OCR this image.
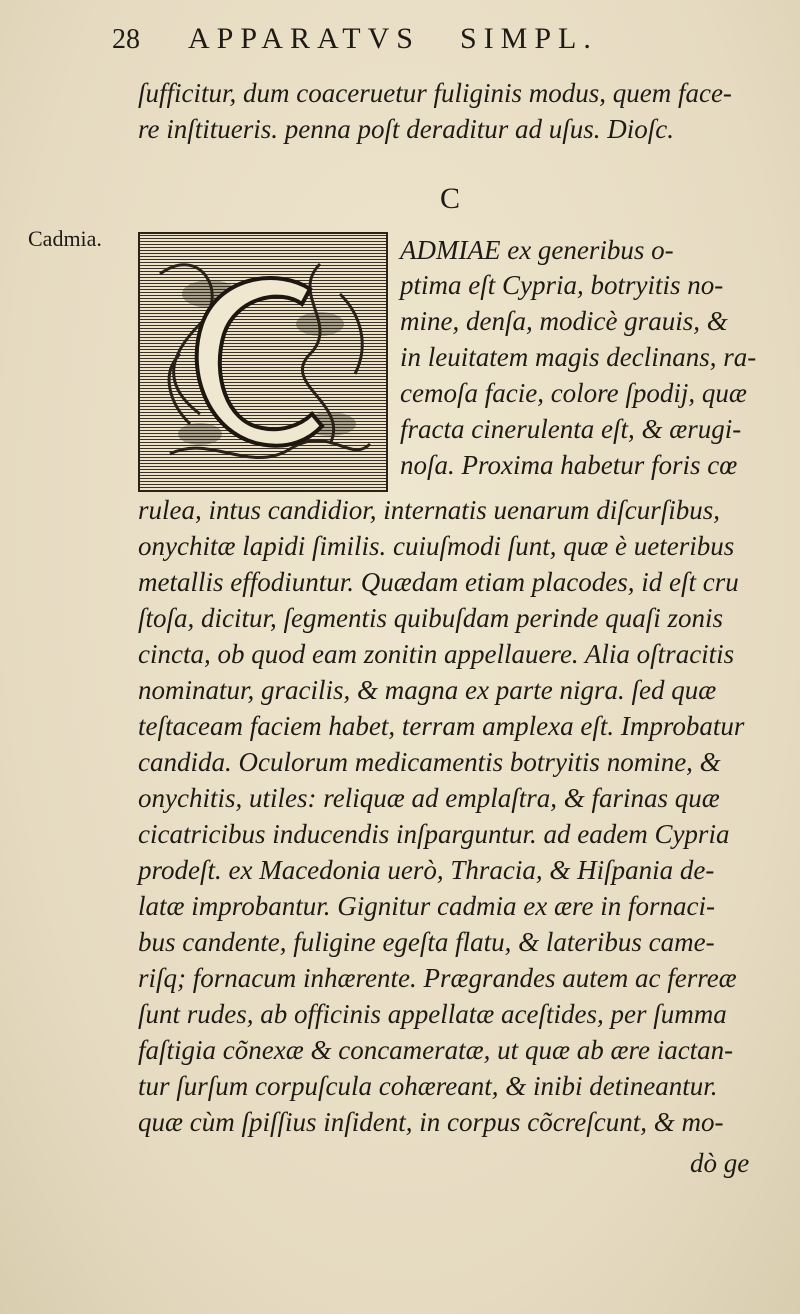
28 APPARATVS SIMPL.
ſufficitur, dum coaceruetur fuliginis modus, quem face-
re inſtitueris. penna poſt deraditur ad uſus. Dioſc.
C
Cadmia.	ADMIAE ex generibus o-
ptima eſt Cypria, botryitis no-
mine, denſa, modicè grauis, &
in leuitatem magis declinans, ra-
cemoſa facie, colore ſpodij, quæ
fracta cinerulenta eſt, & ærugi-
noſa. Proxima habetur foris cœ
rulea, intus candidior, internatis uenarum diſcurſibus,
onychitæ lapidi ſimilis. cuiuſmodi ſunt, quæ è ueteribus
metallis effodiuntur. Quædam etiam placodes, id eſt cru
ſtoſa, dicitur, ſegmentis quibuſdam perinde quaſi zonis
cincta, ob quod eam zonitin appellauere. Alia oſtracitis
nominatur, gracilis, & magna ex parte nigra. ſed quæ
teſtaceam faciem habet, terram amplexa eſt. Improbatur
candida. Oculorum medicamentis botryitis nomine, &
onychitis, utiles: reliquæ ad emplaſtra, & farinas quæ
cicatricibus inducendis inſparguntur. ad eadem Cypria
prodeſt. ex Macedonia uerò, Thracia, & Hiſpania de-
latæ improbantur. Gignitur cadmia ex ære in fornaci-
bus candente, fuligine egeſta flatu, & lateribus came-
riſq; fornacum inhærente. Prægrandes autem ac ferreæ
ſunt rudes, ab officinis appellatæ aceſtides, per ſumma
faſtigia cõnexæ & concameratæ, ut quæ ab ære iactan-
tur ſurſum corpuſcula cohæreant, & inibi detineantur.
quæ cùm ſpiſſius inſident, in corpus cõcreſcunt, & mo-
dò ge
